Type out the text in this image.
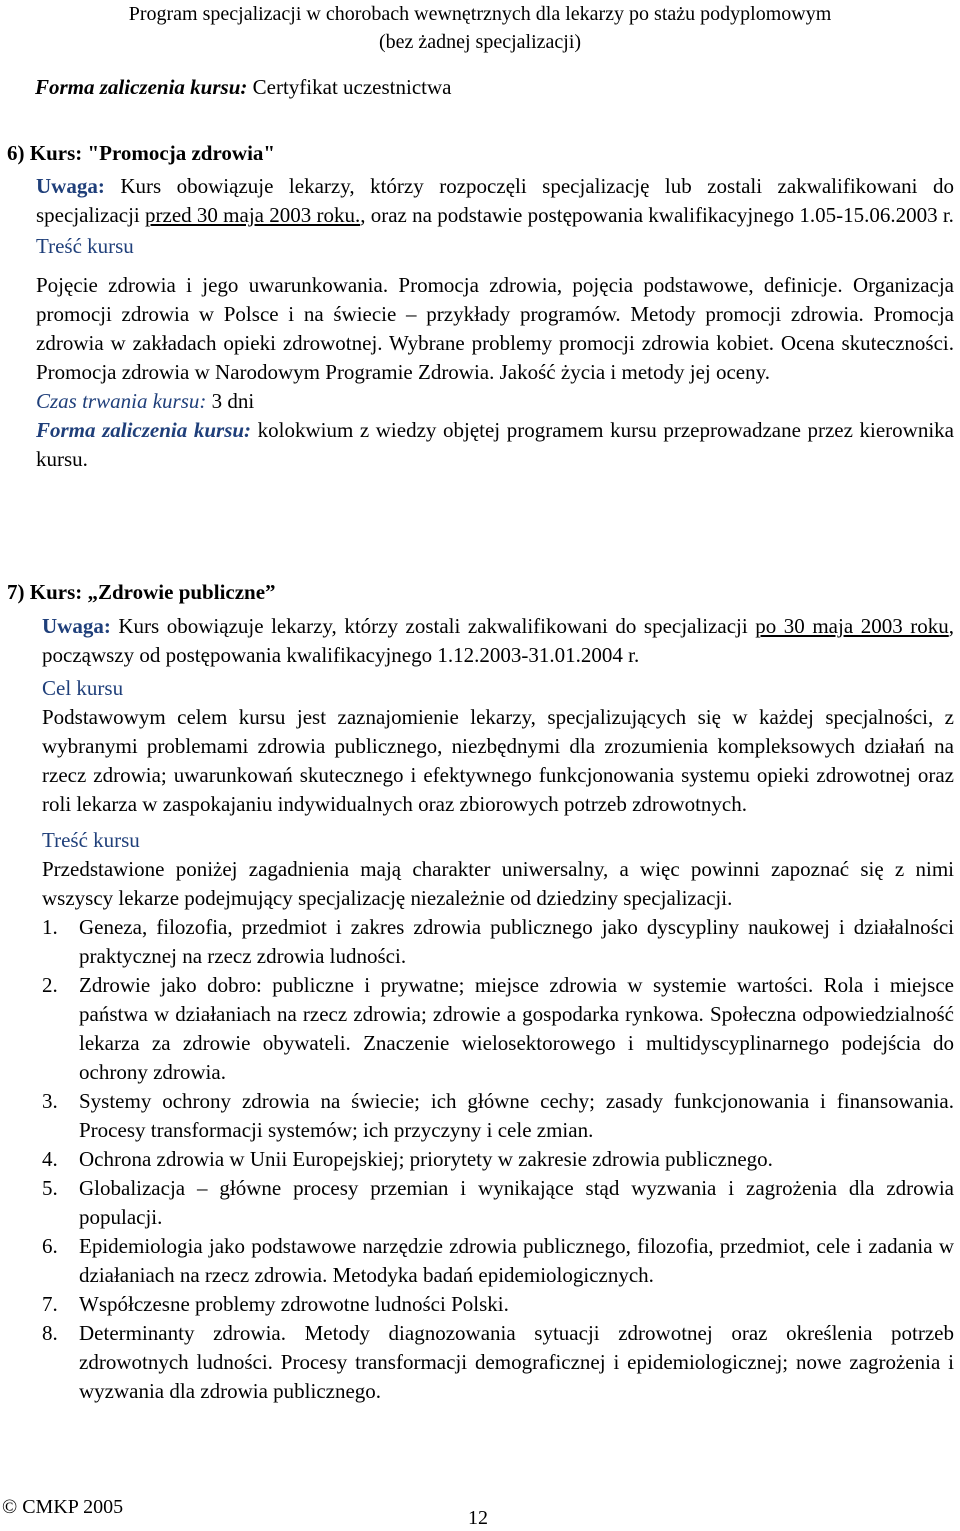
Program specjalizacji w chorobach wewnętrznych dla lekarzy po stażu podyplomowym
(bez żadnej specjalizacji)
Forma zaliczenia kursu: Certyfikat uczestnictwa
6) Kurs: "Promocja zdrowia"

Uwaga: Kurs obowiązuje lekarzy, którzy rozpoczęli specjalizację lub zostali zakwalifikowani do specjalizacji przed 30 maja 2003 roku., oraz na podstawie postępowania kwalifikacyjnego 1.05-15.06.2003 r.

Treść kursu

Pojęcie zdrowia i jego uwarunkowania. Promocja zdrowia, pojęcia podstawowe, definicje. Organizacja promocji zdrowia w Polsce i na świecie – przykłady programów. Metody promocji zdrowia. Promocja zdrowia w zakładach opieki zdrowotnej. Wybrane problemy promocji zdrowia kobiet. Ocena skuteczności. Promocja zdrowia w Narodowym Programie Zdrowia. Jakość życia i metody jej oceny.

Czas trwania kursu: 3 dni

Forma zaliczenia kursu: kolokwium z wiedzy objętej programem kursu przeprowadzane przez kierownika kursu.

7) Kurs: „Zdrowie publiczne”

Uwaga: Kurs obowiązuje lekarzy, którzy zostali zakwalifikowani do specjalizacji po 30 maja 2003 roku, począwszy od postępowania kwalifikacyjnego 1.12.2003-31.01.2004 r.

Cel kursu

Podstawowym celem kursu jest zaznajomienie lekarzy, specjalizujących się w każdej specjalności, z wybranymi problemami zdrowia publicznego, niezbędnymi dla zrozumienia kompleksowych działań na rzecz zdrowia; uwarunkowań skutecznego i efektywnego funkcjonowania systemu opieki zdrowotnej oraz roli lekarza w zaspokajaniu indywidualnych oraz zbiorowych potrzeb zdrowotnych.

Treść kursu

Przedstawione poniżej zagadnienia mają charakter uniwersalny, a więc powinni zapoznać się z nimi wszyscy lekarze podejmujący specjalizację niezależnie od dziedziny specjalizacji.

1. Geneza, filozofia, przedmiot i zakres zdrowia publicznego jako dyscypliny naukowej i działalności praktycznej na rzecz zdrowia ludności.
2. Zdrowie jako dobro: publiczne i prywatne; miejsce zdrowia w systemie wartości. Rola i miejsce państwa w działaniach na rzecz zdrowia; zdrowie a gospodarka rynkowa. Społeczna odpowiedzialność lekarza za zdrowie obywateli. Znaczenie wielosektorowego i multidyscyplinarnego podejścia do ochrony zdrowia.
3. Systemy ochrony zdrowia na świecie; ich główne cechy; zasady funkcjonowania i finansowania. Procesy transformacji systemów; ich przyczyny i cele zmian.
4. Ochrona zdrowia w Unii Europejskiej; priorytety w zakresie zdrowia publicznego.
5. Globalizacja – główne procesy przemian i wynikające stąd wyzwania i zagrożenia dla zdrowia populacji.
6. Epidemiologia jako podstawowe narzędzie zdrowia publicznego, filozofia, przedmiot, cele i zadania w działaniach na rzecz zdrowia. Metodyka badań epidemiologicznych.
7. Współczesne problemy zdrowotne ludności Polski.
8. Determinanty zdrowia. Metody diagnozowania sytuacji zdrowotnej oraz określenia potrzeb zdrowotnych ludności. Procesy transformacji demograficznej i epidemiologicznej; nowe zagrożenia i wyzwania dla zdrowia publicznego.
© CMKP 2005	12
